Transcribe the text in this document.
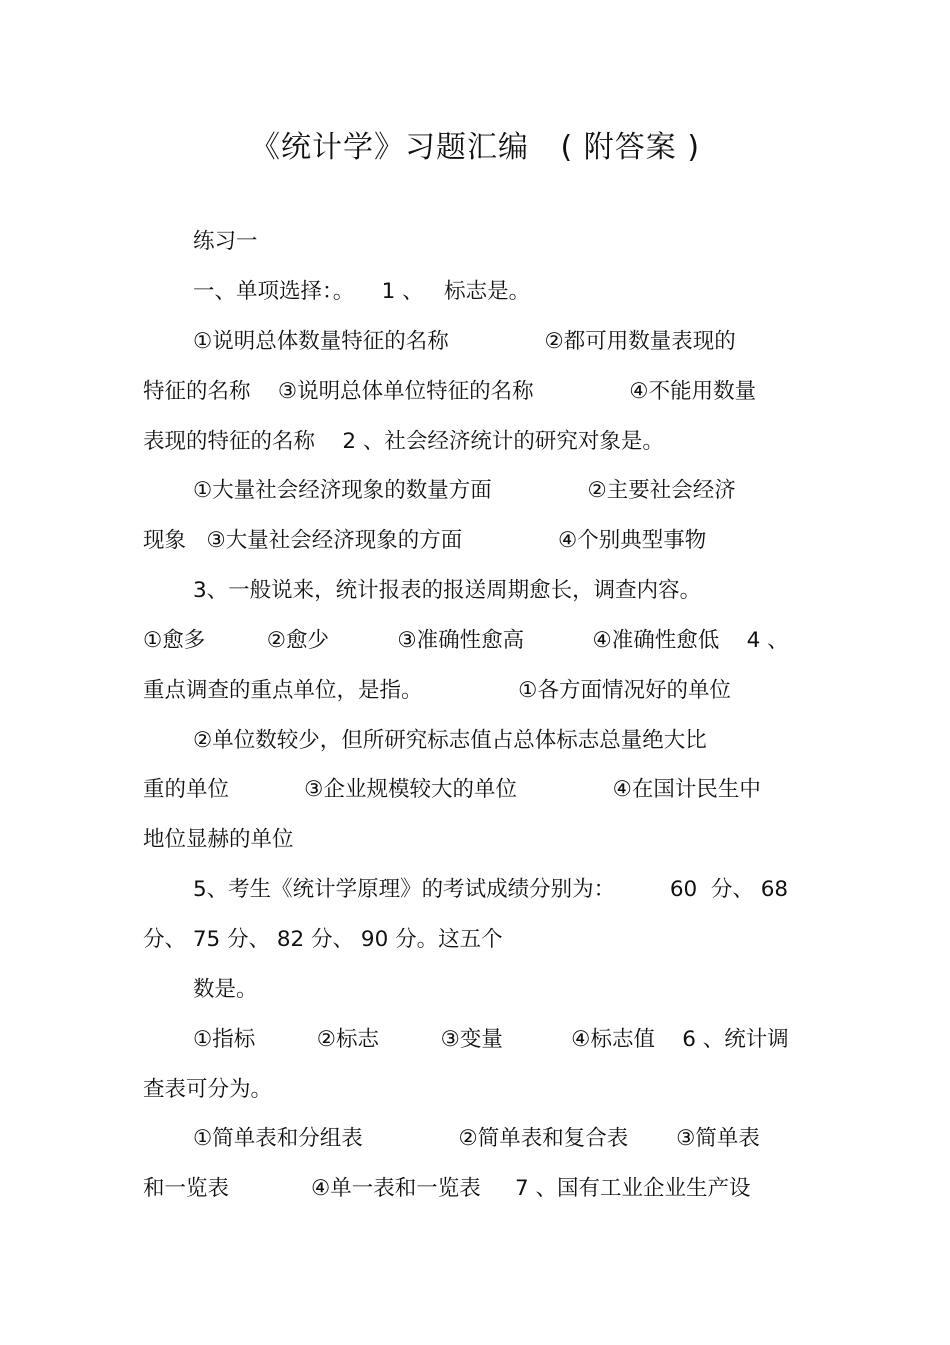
《统计学》习题汇编   ( 附答案 )
练习一
一、单项选择：。    1 、   标志是。
①说明总体数量特征的名称              ②都可用数量表现的
特征的名称    ③说明总体单位特征的名称              ④不能用数量
表现的特征的名称    2 、社会经济统计的研究对象是。
①大量社会经济现象的数量方面              ②主要社会经济
现象   ③大量社会经济现象的方面              ④个别典型事物
3、一般说来，统计报表的报送周期愈长，调查内容。
①愈多         ②愈少          ③准确性愈高          ④准确性愈低    4 、
重点调查的重点单位，是指。              ①各方面情况好的单位
②单位数较少，但所研究标志值占总体标志总量绝大比
重的单位           ③企业规模较大的单位              ④在国计民生中
地位显赫的单位
5、考生《统计学原理》的考试成绩分别为：        60  分、 68
分、 75 分、 82 分、 90 分。这五个
数是。
①指标         ②标志         ③变量          ④标志值    6 、统计调
查表可分为。
①简单表和分组表              ②简单表和复合表       ③简单表
和一览表            ④单一表和一览表     7 、国有工业企业生产设
